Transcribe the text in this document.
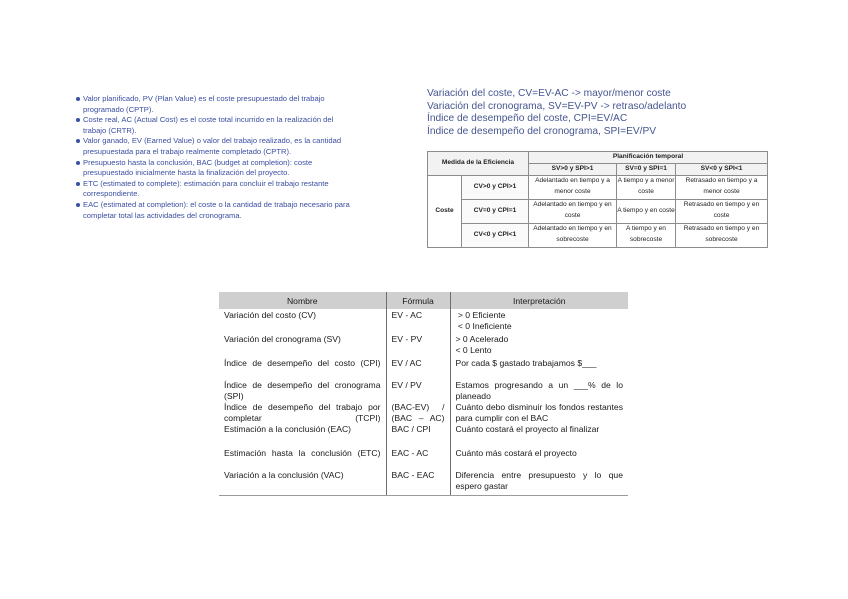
Valor planificado, PV (Plan Value) es el coste presupuestado del trabajo programado (CPTP).
Coste real, AC (Actual Cost) es el coste total incurrido en la realización del trabajo (CRTR).
Valor ganado, EV (Earned Value) o valor del trabajo realizado, es la cantidad presupuestada para el trabajo realmente completado (CPTR).
Presupuesto hasta la conclusión, BAC (budget at completion): coste presupuestado inicialmente hasta la finalización del proyecto.
ETC (estimated to complete): estimación para concluir el trabajo restante correspondiente.
EAC (estimated at completion): el coste o la cantidad de trabajo necesario para completar total las actividades del cronograma.
Variación del coste, CV=EV-AC -> mayor/menor coste
Variación del cronograma, SV=EV-PV -> retraso/adelanto
Índice de desempeño del coste, CPI=EV/AC
Índice de desempeño del cronograma, SPI=EV/PV
Medida de la Eficiencia		Planificación temporal		
		SV>0 y SPI>1	SV=0 y SPI=1	SV<0 y SPI<1
Coste	CV>0 y CPI>1	Adelantado en tiempo y a menor coste	A tiempo y a menor coste	Retrasado en tiempo y a menor coste
	CV=0 y CPI=1	Adelantado en tiempo y en coste	A tiempo y en coste	Retrasado en tiempo y en coste
	CV<0 y CPI<1	Adelantado en tiempo y en sobrecoste	A tiempo y en sobrecoste	Retrasado en tiempo y en sobrecoste
Nombre	Fórmula	Interpretación
Variación del costo (CV)	EV - AC	> 0 Eficiente
< 0 Ineficiente

Variación del cronograma (SV)	EV - PV	> 0 Acelerado
< 0 Lento

Índice de desempeño del costo (CPI)	EV / AC	Por cada $ gastado trabajamos $___
Índice de desempeño del cronograma (SPI)	EV / PV	Estamos progresando a un ___% de lo planeado
Índice de desempeño del trabajo por completar (TCPI)	(BAC-EV) / (BAC – AC)	Cuánto debo disminuir los fondos restantes para cumplir con el BAC
Estimación a la conclusión (EAC)	BAC / CPI	Cuánto costará el proyecto al finalizar
Estimación hasta la conclusión (ETC)	EAC - AC	Cuánto más costará el proyecto
Variación a la conclusión (VAC)	BAC - EAC	Diferencia entre presupuesto y lo que espero gastar
